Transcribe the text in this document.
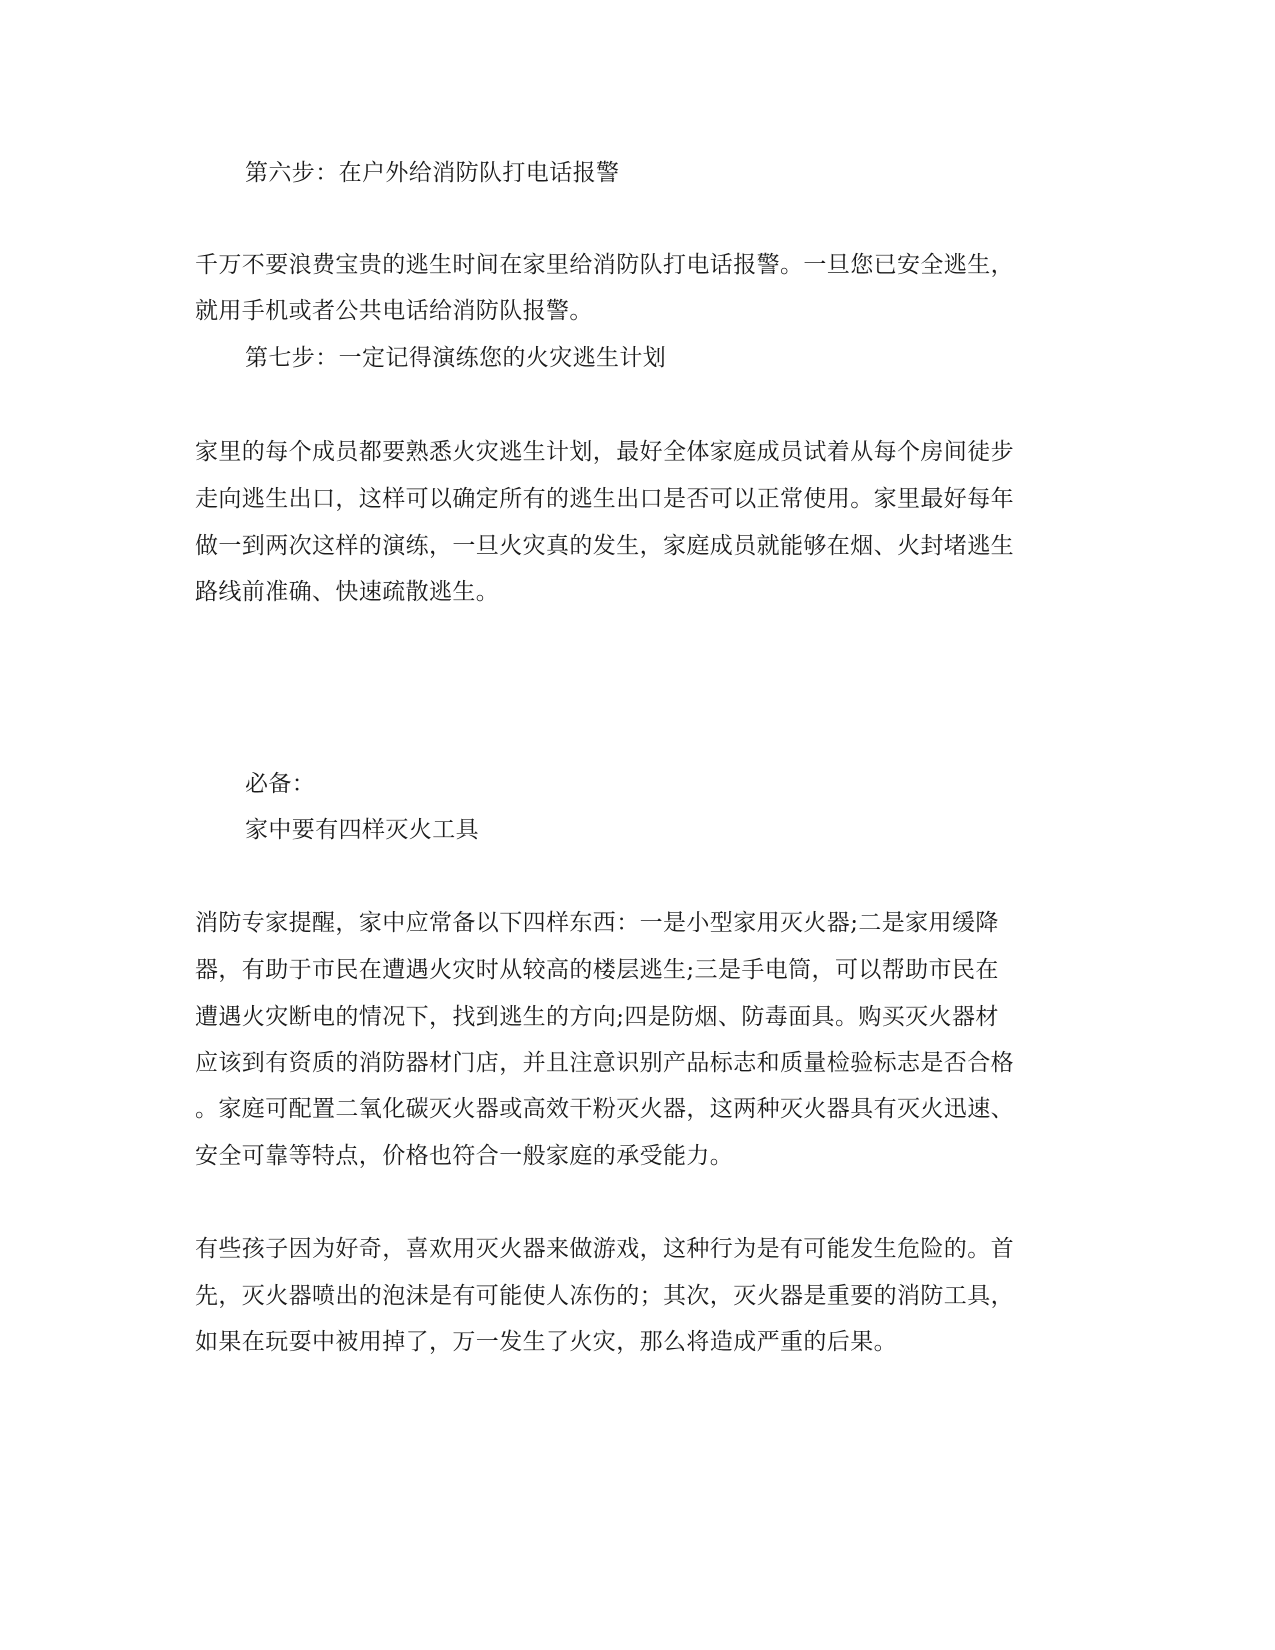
第六步：在户外给消防队打电话报警
千万不要浪费宝贵的逃生时间在家里给消防队打电话报警。一旦您已安全逃生，
就用手机或者公共电话给消防队报警。
第七步：一定记得演练您的火灾逃生计划
家里的每个成员都要熟悉火灾逃生计划，最好全体家庭成员试着从每个房间徒步
走向逃生出口，这样可以确定所有的逃生出口是否可以正常使用。家里最好每年
做一到两次这样的演练，一旦火灾真的发生，家庭成员就能够在烟、火封堵逃生
路线前准确、快速疏散逃生。
必备：
家中要有四样灭火工具
消防专家提醒，家中应常备以下四样东西：一是小型家用灭火器;二是家用缓降
器，有助于市民在遭遇火灾时从较高的楼层逃生;三是手电筒，可以帮助市民在
遭遇火灾断电的情况下，找到逃生的方向;四是防烟、防毒面具。购买灭火器材
应该到有资质的消防器材门店，并且注意识别产品标志和质量检验标志是否合格
。家庭可配置二氧化碳灭火器或高效干粉灭火器，这两种灭火器具有灭火迅速、
安全可靠等特点，价格也符合一般家庭的承受能力。
有些孩子因为好奇，喜欢用灭火器来做游戏，这种行为是有可能发生危险的。首
先，灭火器喷出的泡沫是有可能使人冻伤的；其次，灭火器是重要的消防工具，
如果在玩耍中被用掉了，万一发生了火灾，那么将造成严重的后果。
